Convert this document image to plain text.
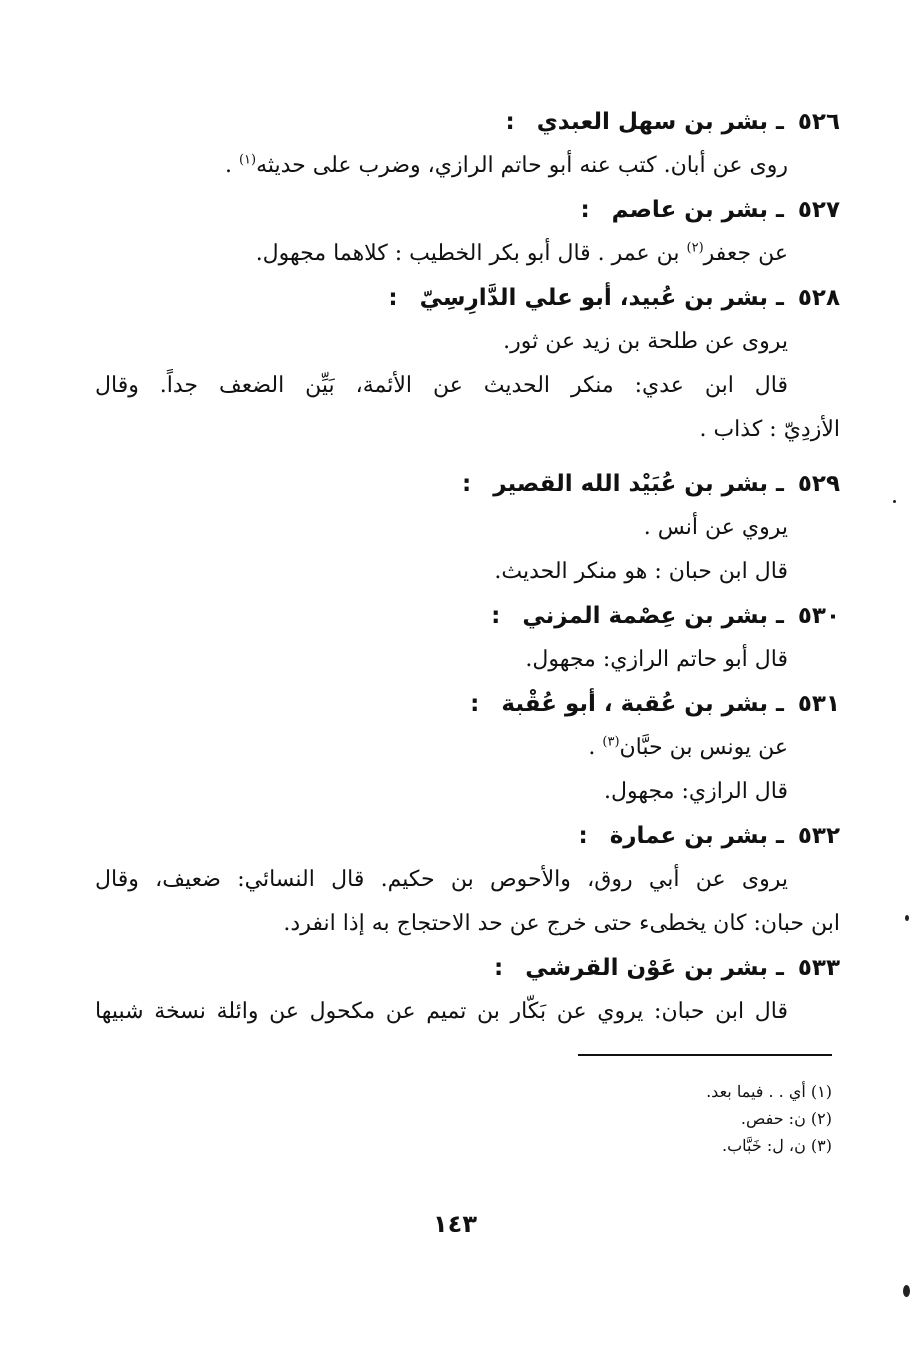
٥٢٦ ـ بشر بن سهل العبدي :
روى عن أبان. كتب عنه أبو حاتم الرازي، وضرب على حديثه$^{(١)}$ .
٥٢٧ ـ بشر بن عاصم :
عن جعفر$^{(٢)}$ بن عمر . قال أبو بكر الخطيب : كلاهما مجهول.
٥٢٨ ـ بشر بن عُبيد، أبو علي الدَّارِسِيّ :
يروى عن طلحة بن زيد عن ثور.
قال ابن عدي: منكر الحديث عن الأئمة، بَيِّن الضعف جداً. وقال
الأزدِيّ : كذاب .
٥٢٩ ـ بشر بن عُبَيْد الله القصير :
يروي عن أنس .
قال ابن حبان : هو منكر الحديث.
٥٣٠ ـ بشر بن عِصْمة المزني :
قال أبو حاتم الرازي: مجهول.
٥٣١ ـ بشر بن عُقبة ، أبو عُقْبة :
عن يونس بن حبَّان$^{(٣)}$ .
قال الرازي: مجهول.
٥٣٢ ـ بشر بن عمارة :
يروى عن أبي روق، والأحوص بن حكيم. قال النسائي: ضعيف، وقال
ابن حبان: كان يخطىء حتى خرج عن حد الاحتجاج به إذا انفرد.
٥٣٣ ـ بشر بن عَوْن القرشي :
قال ابن حبان: يروي عن بَكّار بن تميم عن مكحول عن وائلة نسخة شبيها
(١) أي . . فيما بعد.
(٢) ن: حفص.
(٣) ن، ل: خَبَّاب.
١٤٣
